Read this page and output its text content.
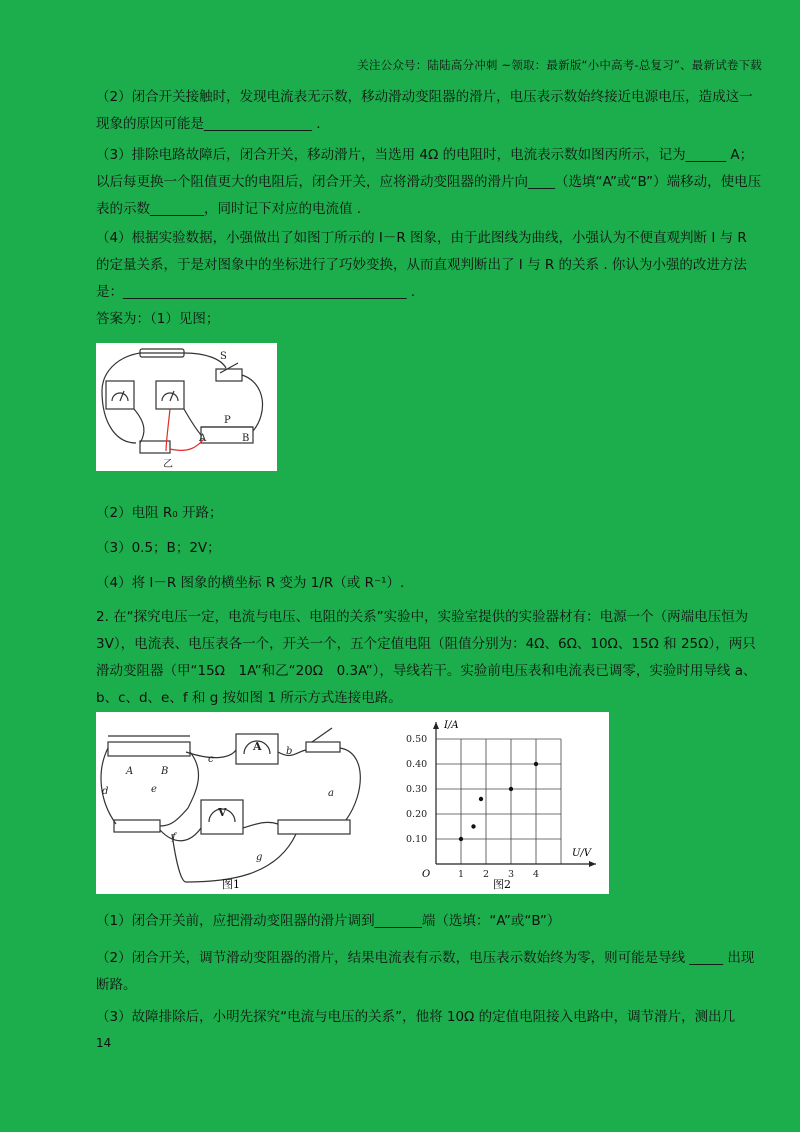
关注公众号：陆陆高分冲刺 ~领取：最新版“小中高考-总复习”、最新试卷下载

（2）闭合开关接触时，发现电流表无示数，移动滑动变阻器的滑片，电压表示数始终接近电源电压，造成这一现象的原因可能是________________ .

（3）排除电路故障后，闭合开关，移动滑片，当选用 4Ω 的电阻时，电流表示数如图丙所示，记为______ A；以后每更换一个阻值更大的电阻后，闭合开关，应将滑动变阻器的滑片向____（选填“A”或“B”）端移动，使电压表的示数________，同时记下对应的电流值 .

（4）根据实验数据，小强做出了如图丁所示的 I－R 图象，由于此图线为曲线，小强认为不便直观判断 I 与 R 的定量关系，于是对图象中的坐标进行了巧妙变换，从而直观判断出了 I 与 R 的关系 . 你认为小强的改进方法是：__________________________________________ .

答案为：（1）见图；

S
P
A	B
乙

（2）电阻 R₀ 开路；

（3）0.5；B；2V；

（4）将 I－R 图象的横坐标 R 变为 1/R（或 R⁻¹）.

2. 在“探究电压一定，电流与电压、电阻的关系”实验中，实验室提供的实验器材有：电源一个（两端电压恒为 3V），电流表、电压表各一个，开关一个，五个定值电阻（阻值分别为：4Ω、6Ω、10Ω、15Ω 和 25Ω），两只滑动变阻器（甲“15Ω　1A”和乙“20Ω　0.3A”），导线若干。实验前电压表和电流表已调零，实验时用导线 a、b、c、d、e、f 和 g 按如图 1 所示方式连接电路。

A	B
b
c
d	e
f
g
a
A
V
图1
0.10
0.20
0.30
0.40
0.50
1 2 3 4
I/A
U/V
O
图2

（1）闭合开关前，应把滑动变阻器的滑片调到_______端（选填：“A”或“B”）

（2）闭合开关，调节滑动变阻器的滑片，结果电流表有示数，电压表示数始终为零，则可能是导线 _____ 出现断路。

（3）故障排除后，小明先探究“电流与电压的关系”，他将 10Ω 的定值电阻接入电路中，调节滑片，测出几

14
